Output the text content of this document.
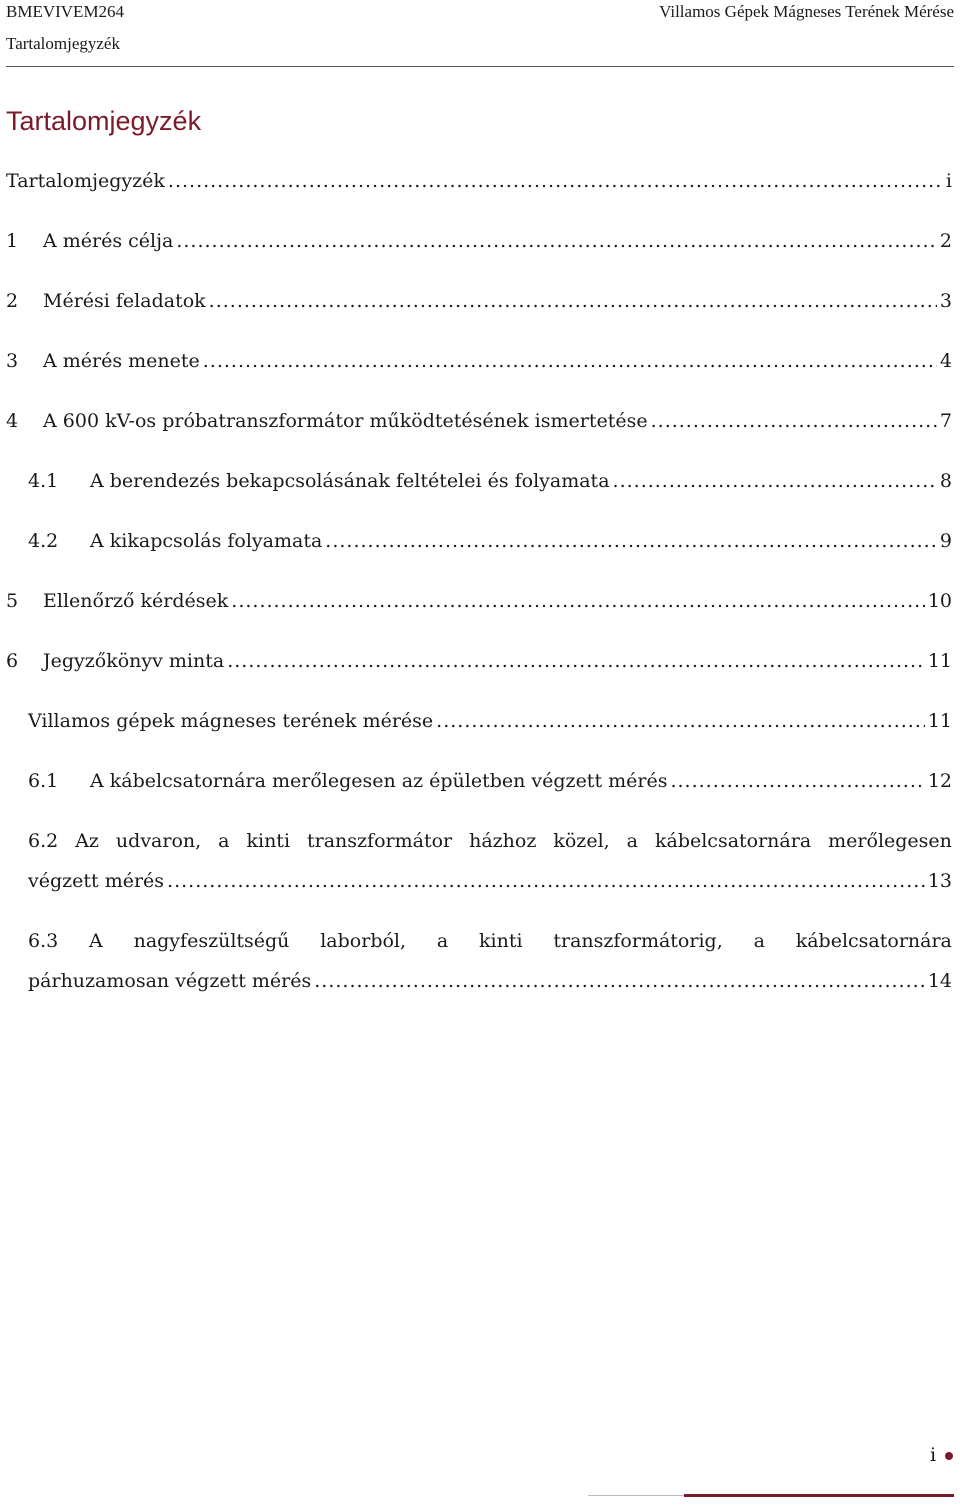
BMEVIVEM264
Tartalomjegyzék
Villamos Gépek Mágneses Terének Mérése
Tartalomjegyzék
Tartalomjegyzék .....	i
1	A mérés célja .....	2
2	Mérési feladatok .....	3
3	A mérés menete .....	4
4	A 600 kV-os próbatranszformátor működtetésének ismertetése .....	7
4.1	A berendezés bekapcsolásának feltételei és folyamata .....	8
4.2	A kikapcsolás folyamata .....	9
5	Ellenőrző kérdések .....	10
6	Jegyzőkönyv minta .....	11
Villamos gépek mágneses terének mérése .....	11
6.1	A kábelcsatornára merőlegesen az épületben végzett mérés .....	12
6.2 Az udvaron, a kinti transzformátor házhoz közel, a kábelcsatornára merőlegesen
végzett mérés .....	13
6.3 A nagyfeszültségű laborból, a kinti transzformátorig, a kábelcsatornára
párhuzamosan végzett mérés .....	14
i
